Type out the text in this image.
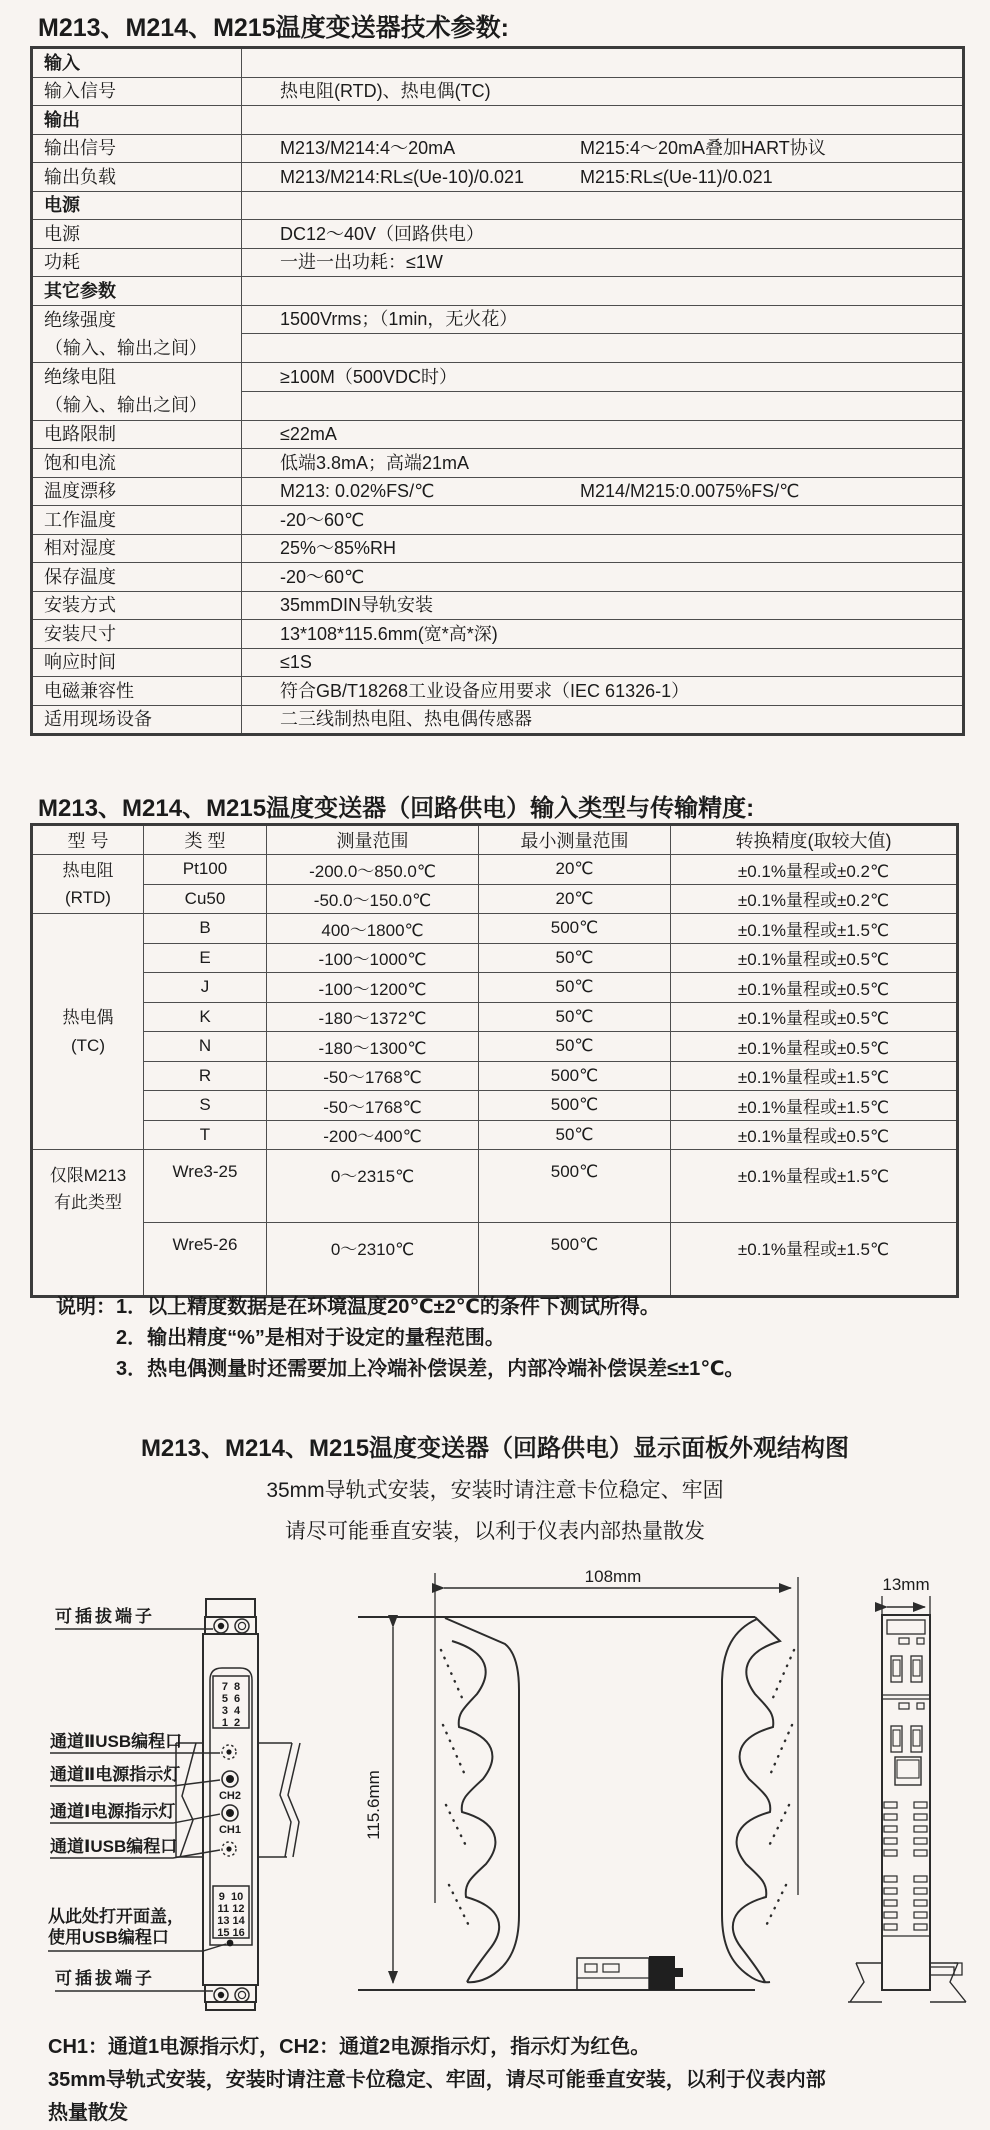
M213、M214、M215温度变送器技术参数:
输入	
输入信号	热电阻(RTD)、热电偶(TC)
输出	
输出信号	M213/M214:4～20mA M215:4～20mA叠加HART协议
输出负载	M213/M214:RL≤(Ue-10)/0.021 M215:RL≤(Ue-11)/0.021
电源	
电源	DC12～40V（回路供电）
功耗	一进一出功耗：≤1W
其它参数	

绝缘强度
（输入、输出之间）	1500Vrms；（1min，无火花）

绝缘电阻
（输入、输出之间）	≥100M（500VDC时）

电路限制	≤22mA
饱和电流	低端3.8mA；高端21mA
温度漂移	M213: 0.02%FS/℃ M214/M215:0.0075%FS/℃
工作温度	-20～60℃
相对湿度	25%～85%RH
保存温度	-20～60℃
安装方式	35mmDIN导轨安装
安装尺寸	13*108*115.6mm(宽*高*深)
响应时间	≤1S
电磁兼容性	符合GB/T18268工业设备应用要求（IEC 61326-1）
适用现场设备	二三线制热电阻、热电偶传感器
M213、M214、M215温度变送器（回路供电）输入类型与传输精度:
型 号	类 型	测量范围	最小测量范围	转换精度(取较大值)

热电阻
(RTD)	Pt100	-200.0～850.0℃	20℃	±0.1%量程或±0.2℃
	Cu50	-50.0～150.0℃	20℃	±0.1%量程或±0.2℃

热电偶
(TC)	B	400～1800℃	500℃	±0.1%量程或±1.5℃
	E	-100～1000℃	50℃	±0.1%量程或±0.5℃
	J	-100～1200℃	50℃	±0.1%量程或±0.5℃
	K	-180～1372℃	50℃	±0.1%量程或±0.5℃
	N	-180～1300℃	50℃	±0.1%量程或±0.5℃
	R	-50～1768℃	500℃	±0.1%量程或±1.5℃
	S	-50～1768℃	500℃	±0.1%量程或±1.5℃
	T	-200～400℃	50℃	±0.1%量程或±0.5℃

仅限M213
有此类型	Wre3-25	0～2315℃	500℃	±0.1%量程或±1.5℃
	Wre5-26	0～2310℃	500℃	±0.1%量程或±1.5℃
说明：1．以上精度数据是在环境温度20℃±2℃的条件下测试所得。
2．输出精度“%”是相对于设定的量程范围。
3．热电偶测量时还需要加上冷端补偿误差，内部冷端补偿误差≤±1℃。
M213、M214、M215温度变送器（回路供电）显示面板外观结构图
35mm导轨式安装，安装时请注意卡位稳定、牢固
请尽可能垂直安装，以利于仪表内部热量散发
7  8
5  6
3  4
1  2
CH2
CH1
9  10
11 12
13 14
15 16
可插拔端子
通道ⅡUSB编程口
通道Ⅱ电源指示灯
通道Ⅰ电源指示灯
通道ⅠUSB编程口
从此处打开面盖，
使用USB编程口
可插拔端子
108mm
115.6mm
13mm
CH1：通道1电源指示灯，CH2：通道2电源指示灯，指示灯为红色。
35mm导轨式安装，安装时请注意卡位稳定、牢固，请尽可能垂直安装，以利于仪表内部
热量散发
